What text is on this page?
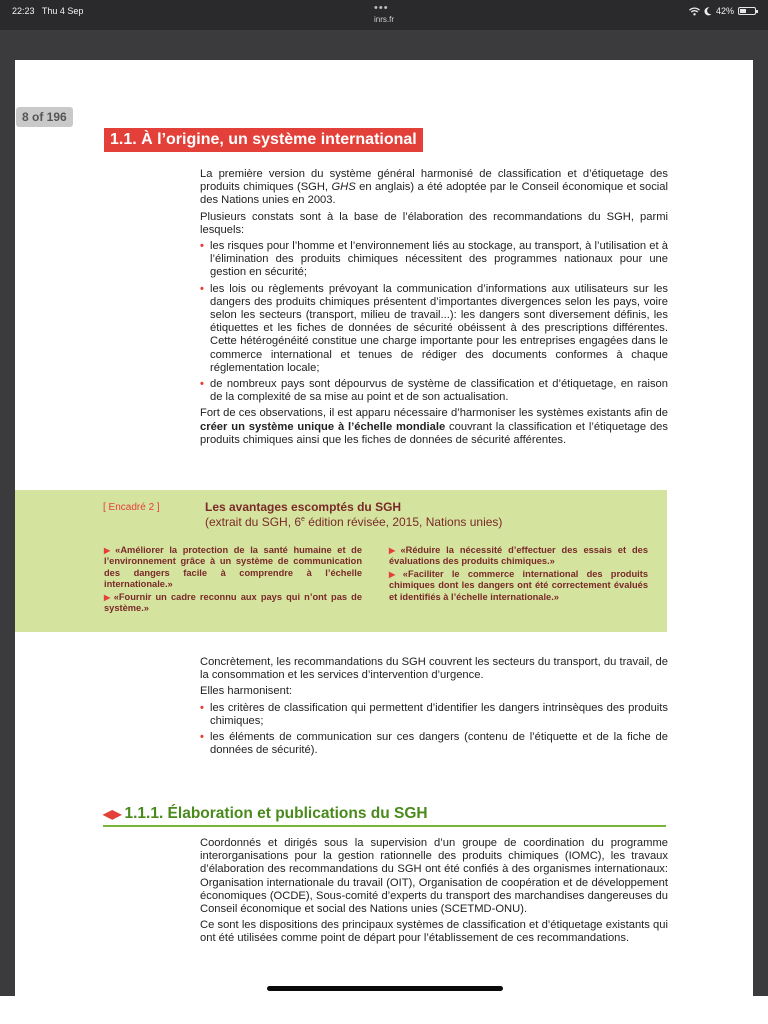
22:23 Thu 4 Sep	•••
inrs.fr
42%
1.1. À l’origine, un système international

La première version du système général harmonisé de classification et d’étiquetage des produits chimiques (SGH, GHS en anglais) a été adoptée par le Conseil économique et social des Nations unies en 2003.

Plusieurs constats sont à la base de l’élaboration des recommandations du SGH, parmi lesquels:

• les risques pour l’homme et l’environnement liés au stockage, au transport, à l’utilisation et à l’élimination des produits chimiques nécessitent des programmes nationaux pour une gestion en sécurité;
• les lois ou règlements prévoyant la communication d’informations aux utilisateurs sur les dangers des produits chimiques présentent d’importantes divergences selon les pays, voire selon les secteurs (transport, milieu de travail...): les dangers sont diversement définis, les étiquettes et les fiches de données de sécurité obéissent à des prescriptions différentes. Cette hétérogénéité constitue une charge importante pour les entreprises engagées dans le commerce international et tenues de rédiger des documents conformes à chaque réglementation locale;
• de nombreux pays sont dépourvus de système de classification et d’étiquetage, en raison de la complexité de sa mise au point et de son actualisation.

Fort de ces observations, il est apparu nécessaire d’harmoniser les systèmes existants afin de créer un système unique à l’échelle mondiale couvrant la classification et l’étiquetage des produits chimiques ainsi que les fiches de données de sécurité afférentes.

[ Encadré 2 ]	Les avantages escomptés du SGH
(extrait du SGH, 6e édition révisée, 2015, Nations unies)
▶ «Améliorer la protection de la santé humaine et de l’environnement grâce à un système de communication des dangers facile à comprendre à l’échelle internationale.»
▶ «Fournir un cadre reconnu aux pays qui n’ont pas de système.»
▶ «Réduire la nécessité d’effectuer des essais et des évaluations des produits chimiques.»
▶ «Faciliter le commerce international des produits chimiques dont les dangers ont été correctement évalués et identifiés à l’échelle internationale.»

Concrètement, les recommandations du SGH couvrent les secteurs du transport, du travail, de la consommation et les services d’intervention d’urgence.

Elles harmonisent:

• les critères de classification qui permettent d’identifier les dangers intrinsèques des produits chimiques;
• les éléments de communication sur ces dangers (contenu de l’étiquette et de la fiche de données de sécurité).
◀▶ 1.1.1. Élaboration et publications du SGH

Coordonnés et dirigés sous la supervision d’un groupe de coordination du programme interorganisations pour la gestion rationnelle des produits chimiques (IOMC), les travaux d’élaboration des recommandations du SGH ont été confiés à des organismes internationaux: Organisation internationale du travail (OIT), Organisation de coopération et de développement économiques (OCDE), Sous-comité d’experts du transport des marchandises dangereuses du Conseil économique et social des Nations unies (SCETMD-ONU).

Ce sont les dispositions des principaux systèmes de classification et d’étiquetage existants qui ont été utilisées comme point de départ pour l’établissement de ces recommandations.

8 of 196
